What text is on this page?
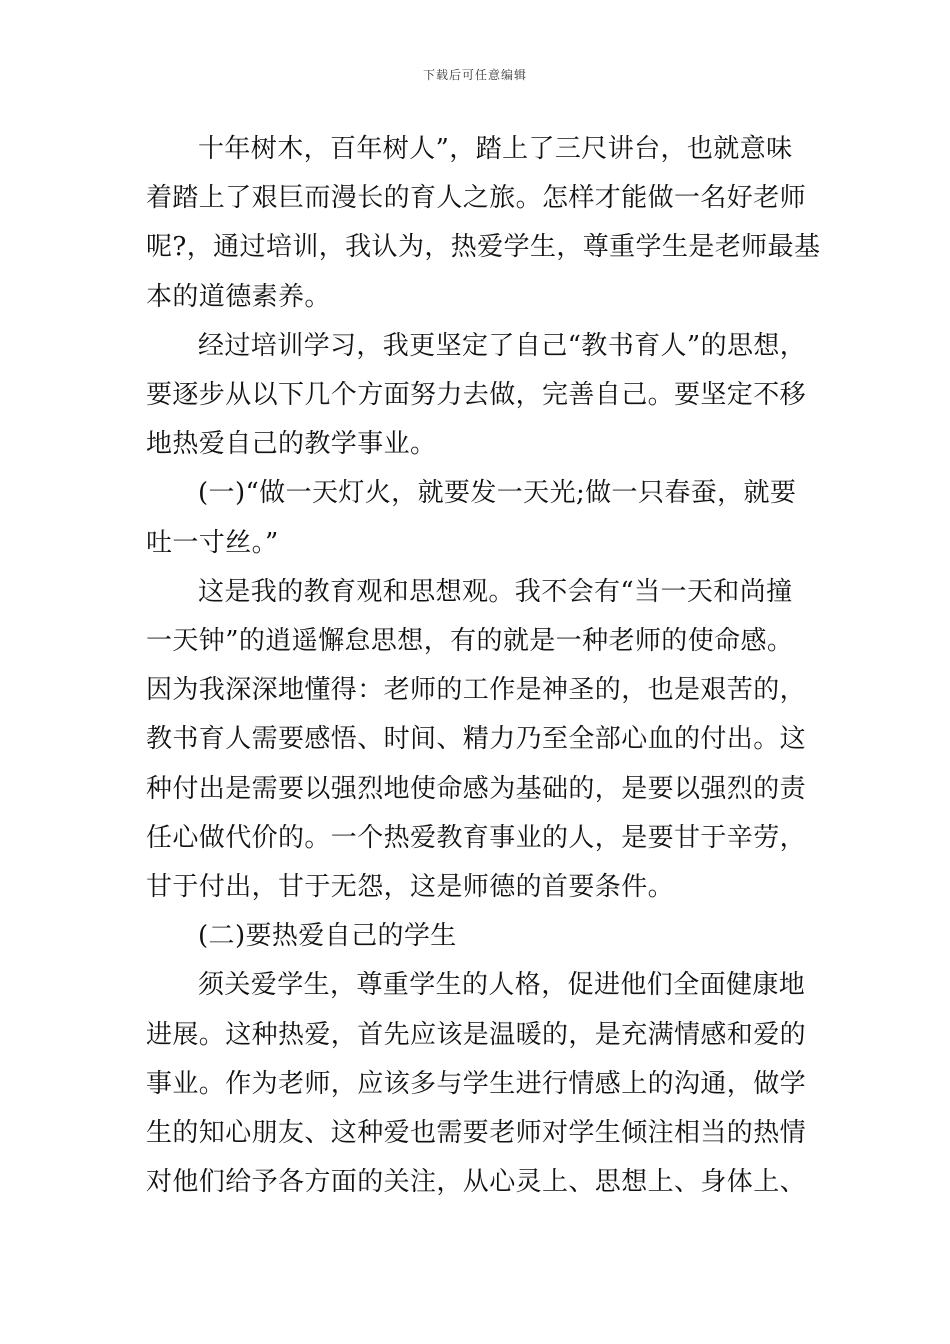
下载后可任意编辑

十年树木，百年树人”，踏上了三尺讲台，也就意味
着踏上了艰巨而漫长的育人之旅。怎样才能做一名好老师
呢?，通过培训，我认为，热爱学生，尊重学生是老师最基
本的道德素养。

经过培训学习，我更坚定了自己“教书育人”的思想，
要逐步从以下几个方面努力去做，完善自己。要坚定不移
地热爱自己的教学事业。

(一)“做一天灯火，就要发一天光;做一只春蚕，就要
吐一寸丝。”

这是我的教育观和思想观。我不会有“当一天和尚撞
一天钟”的逍遥懈怠思想，有的就是一种老师的使命感。
因为我深深地懂得：老师的工作是神圣的，也是艰苦的，
教书育人需要感悟、时间、精力乃至全部心血的付出。这
种付出是需要以强烈地使命感为基础的，是要以强烈的责
任心做代价的。一个热爱教育事业的人，是要甘于辛劳，
甘于付出，甘于无怨，这是师德的首要条件。

(二)要热爱自己的学生

须关爱学生，尊重学生的人格，促进他们全面健康地
进展。这种热爱，首先应该是温暖的，是充满情感和爱的
事业。作为老师，应该多与学生进行情感上的沟通，做学
生的知心朋友、这种爱也需要老师对学生倾注相当的热情
对他们给予各方面的关注，从心灵上、思想上、身体上、
